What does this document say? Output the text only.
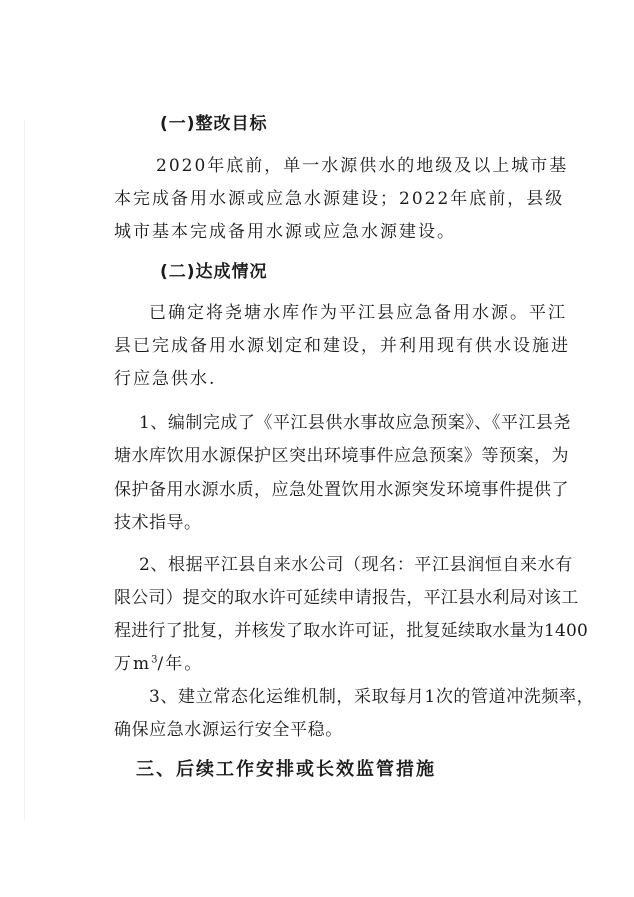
(一)整改目标
2020年底前，单一水源供水的地级及以上城市基
本完成备用水源或应急水源建设；2022年底前，县级
城市基本完成备用水源或应急水源建设。
(二)达成情况
已确定将尧塘水库作为平江县应急备用水源。平江
县已完成备用水源划定和建设，并利用现有供水设施进
行应急供水.
1、编制完成了《平江县供水事故应急预案》、《平江县尧
塘水库饮用水源保护区突出环境事件应急预案》等预案，为
保护备用水源水质，应急处置饮用水源突发环境事件提供了
技术指导。
2、根据平江县自来水公司（现名：平江县润恒自来水有
限公司）提交的取水许可延续申请报告，平江县水利局对该工
程进行了批复，并核发了取水许可证，批复延续取水量为1400
万$m^3/$年。
3、建立常态化运维机制，采取每月1次的管道冲洗频率，
确保应急水源运行安全平稳。
三、后续工作安排或长效监管措施
